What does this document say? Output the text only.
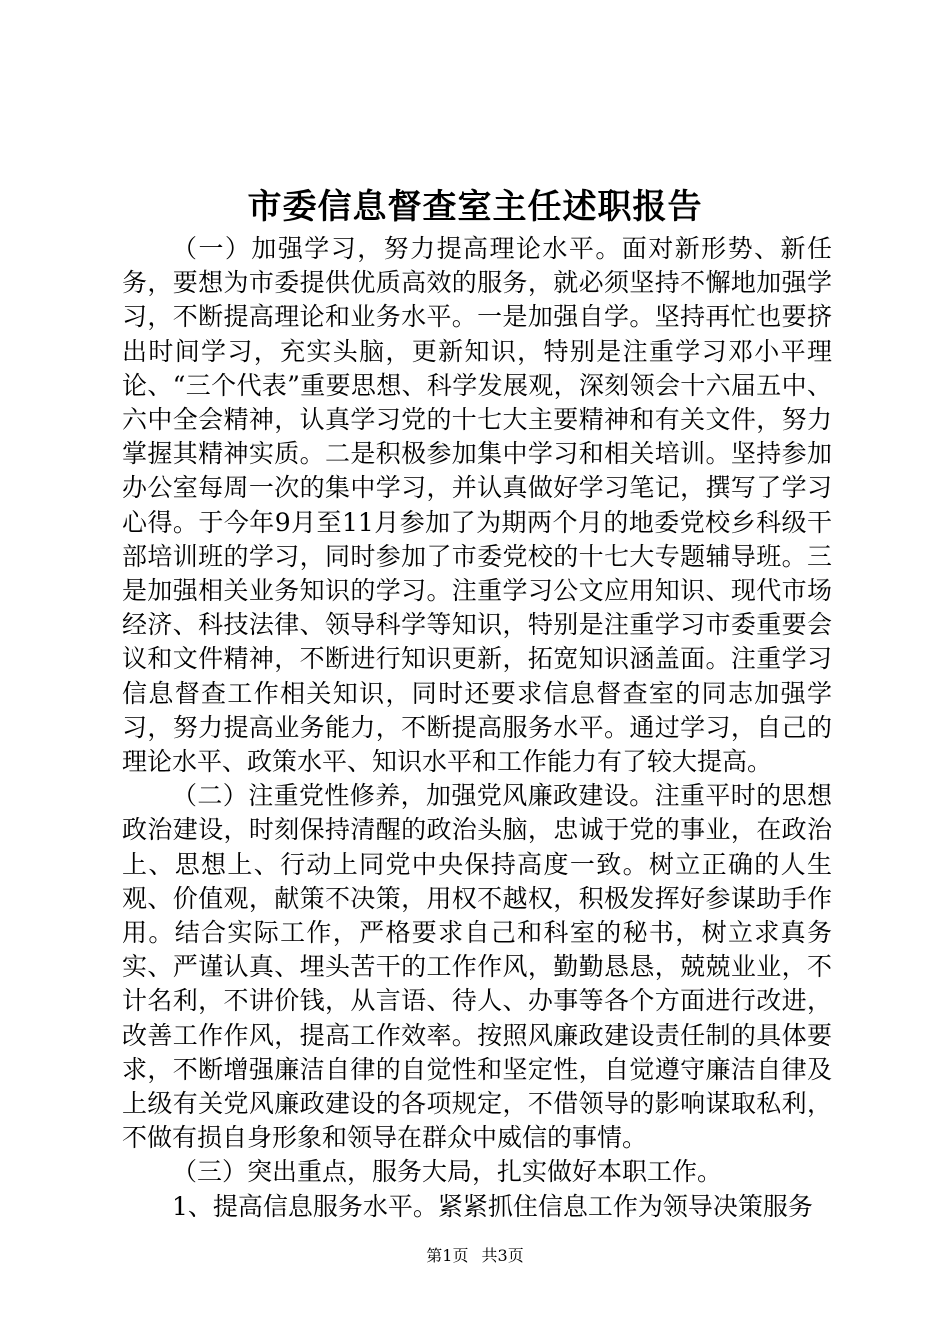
市委信息督查室主任述职报告

（一）加强学习，努力提高理论水平。面对新形势、新任务，要想为市委提供优质高效的服务，就必须坚持不懈地加强学习，不断提高理论和业务水平。一是加强自学。坚持再忙也要挤出时间学习，充实头脑，更新知识，特别是注重学习邓小平理论、“三个代表”重要思想、科学发展观，深刻领会十六届五中、六中全会精神，认真学习党的十七大主要精神和有关文件，努力掌握其精神实质。二是积极参加集中学习和相关培训。坚持参加办公室每周一次的集中学习，并认真做好学习笔记，撰写了学习心得。于今年9月至11月参加了为期两个月的地委党校乡科级干部培训班的学习，同时参加了市委党校的十七大专题辅导班。三是加强相关业务知识的学习。注重学习公文应用知识、现代市场经济、科技法律、领导科学等知识，特别是注重学习市委重要会议和文件精神，不断进行知识更新，拓宽知识涵盖面。注重学习信息督查工作相关知识，同时还要求信息督查室的同志加强学习，努力提高业务能力，不断提高服务水平。通过学习，自己的理论水平、政策水平、知识水平和工作能力有了较大提高。

（二）注重党性修养，加强党风廉政建设。注重平时的思想政治建设，时刻保持清醒的政治头脑，忠诚于党的事业，在政治上、思想上、行动上同党中央保持高度一致。树立正确的人生观、价值观，献策不决策，用权不越权，积极发挥好参谋助手作用。结合实际工作，严格要求自己和科室的秘书，树立求真务实、严谨认真、埋头苦干的工作作风，勤勤恳恳，兢兢业业，不计名利，不讲价钱，从言语、待人、办事等各个方面进行改进，改善工作作风，提高工作效率。按照风廉政建设责任制的具体要求，不断增强廉洁自律的自觉性和坚定性，自觉遵守廉洁自律及上级有关党风廉政建设的各项规定，不借领导的影响谋取私利，不做有损自身形象和领导在群众中威信的事情。

（三）突出重点，服务大局，扎实做好本职工作。

1、提高信息服务水平。紧紧抓住信息工作为领导决策服务

第1页 共3页
